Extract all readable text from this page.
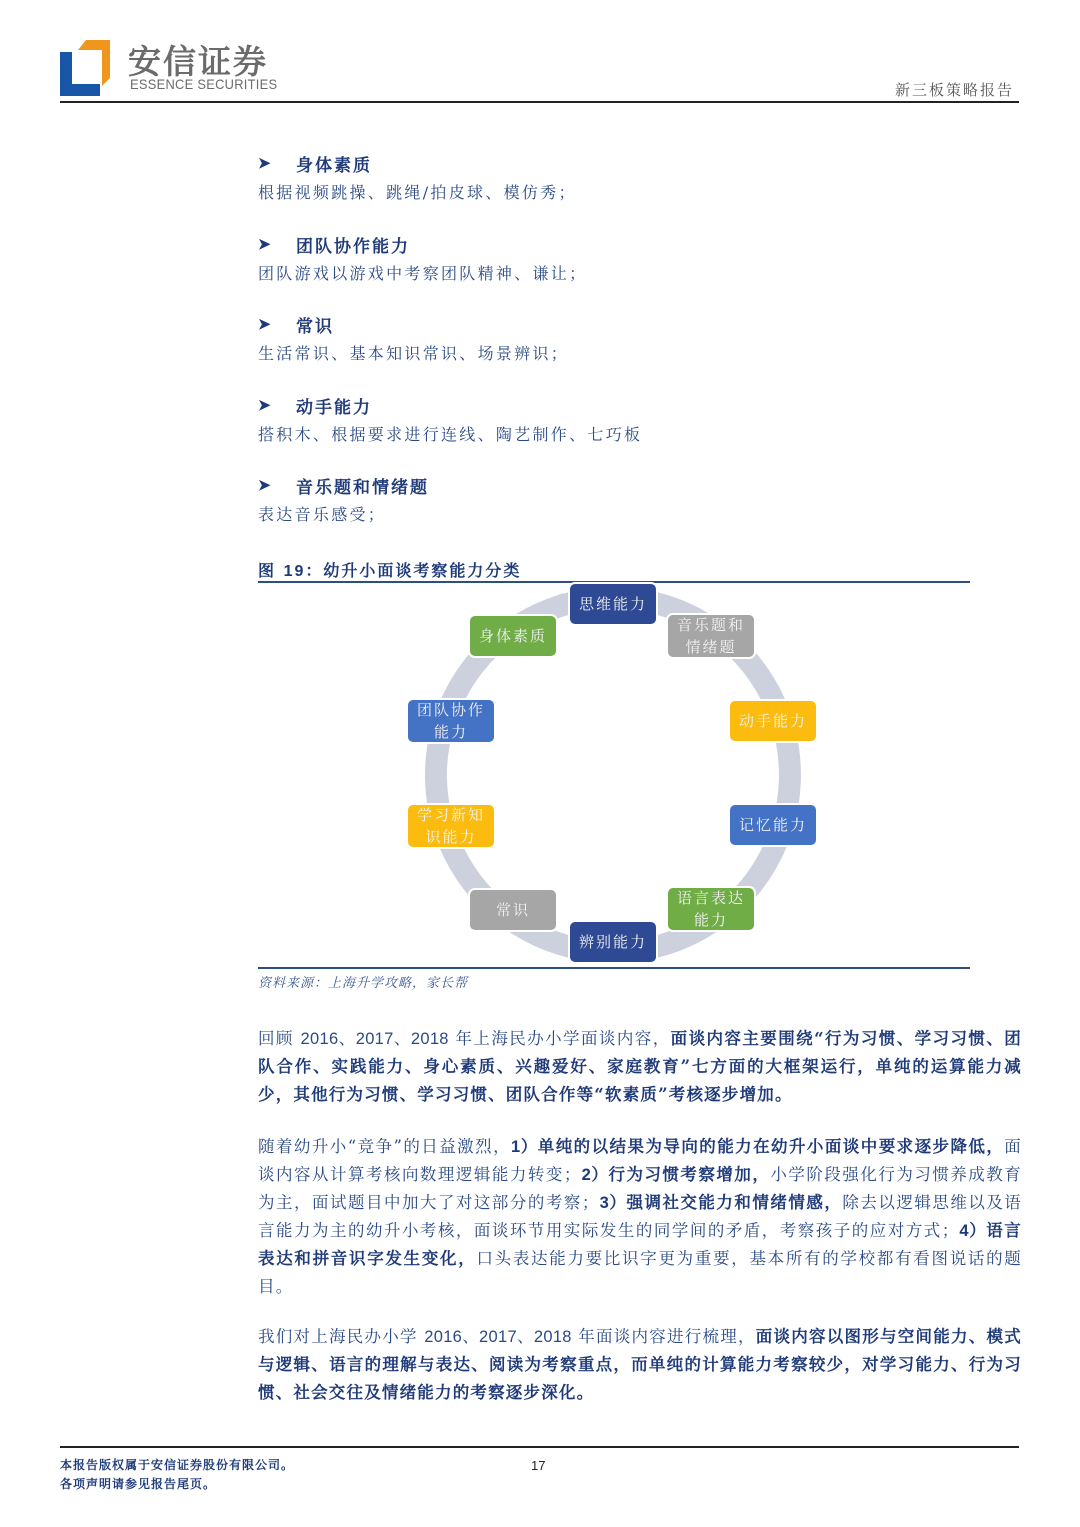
安信证券
ESSENCE SECURITIES	新三板策略报告
➤	身体素质
根据视频跳操、跳绳/拍皮球、模仿秀；
➤	团队协作能力
团队游戏以游戏中考察团队精神、谦让；
➤	常识
生活常识、基本知识常识、场景辨识；
➤	动手能力
搭积木、根据要求进行连线、陶艺制作、七巧板
➤	音乐题和情绪题
表达音乐感受；
图 19：幼升小面谈考察能力分类
思维能力
音乐题和
情绪题
动手能力
记忆能力
语言表达
能力
辨别能力
常识
学习新知
识能力
团队协作
能力
身体素质
资料来源：上海升学攻略，家长帮
回顾 2016、2017、2018 年上海民办小学面谈内容，面谈内容主要围绕“行为习惯、学习习惯、团队合作、实践能力、身心素质、兴趣爱好、家庭教育”七方面的大框架运行，单纯的运算能力减少，其他行为习惯、学习习惯、团队合作等“软素质”考核逐步增加。
随着幼升小“竞争”的日益激烈，1）单纯的以结果为导向的能力在幼升小面谈中要求逐步降低，面谈内容从计算考核向数理逻辑能力转变；2）行为习惯考察增加，小学阶段强化行为习惯养成教育为主，面试题目中加大了对这部分的考察；3）强调社交能力和情绪情感，除去以逻辑思维以及语言能力为主的幼升小考核，面谈环节用实际发生的同学间的矛盾，考察孩子的应对方式；4）语言表达和拼音识字发生变化，口头表达能力要比识字更为重要，基本所有的学校都有看图说话的题目。
我们对上海民办小学 2016、2017、2018 年面谈内容进行梳理，面谈内容以图形与空间能力、模式与逻辑、语言的理解与表达、阅读为考察重点，而单纯的计算能力考察较少，对学习能力、行为习惯、社会交往及情绪能力的考察逐步深化。
本报告版权属于安信证券股份有限公司。
各项声明请参见报告尾页。
17
